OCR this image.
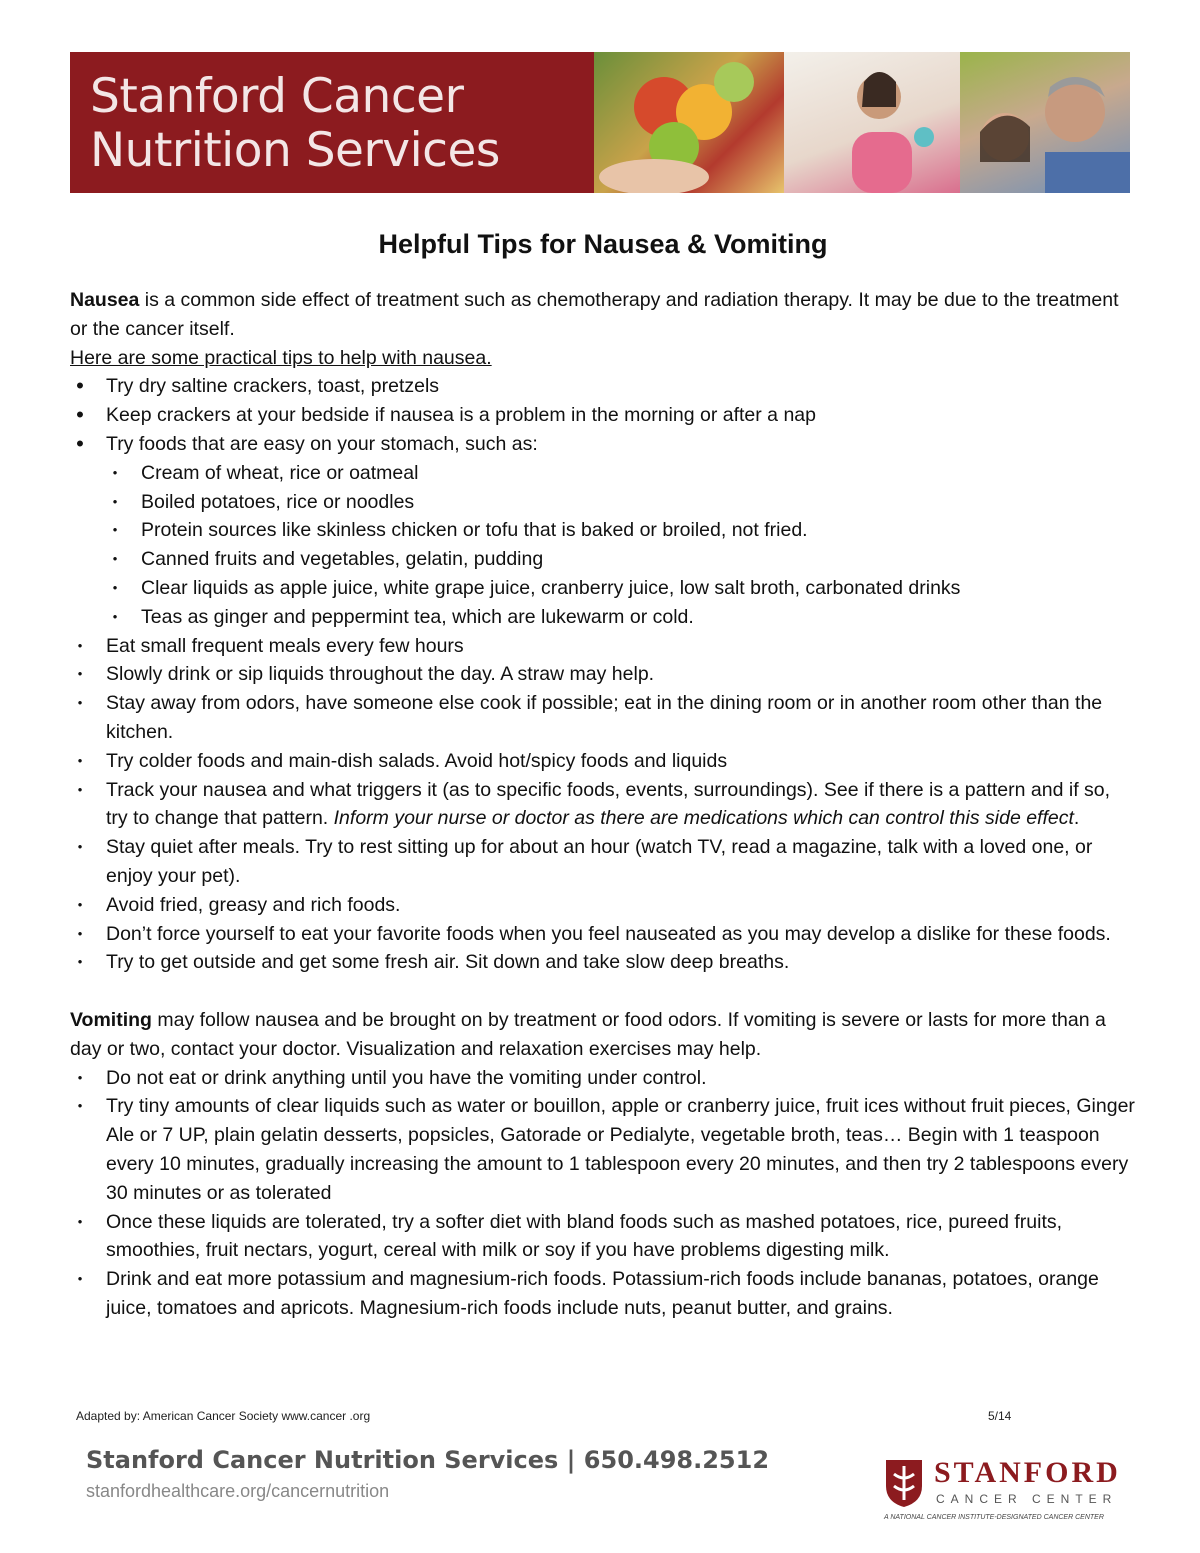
Stanford Cancer
Nutrition Services
Helpful Tips for Nausea & Vomiting

Nausea is a common side effect of treatment such as chemotherapy and radiation therapy. It may be due to the treatment or the cancer itself.

Here are some practical tips to help with nausea.

• Try dry saltine crackers, toast, pretzels
• Keep crackers at your bedside if nausea is a problem in the morning or after a nap
• Try foods that are easy on your stomach, such as:
• Cream of wheat, rice or oatmeal
• Boiled potatoes, rice or noodles
• Protein sources like skinless chicken or tofu that is baked or broiled, not fried.
• Canned fruits and vegetables, gelatin, pudding
• Clear liquids as apple juice, white grape juice, cranberry juice, low salt broth, carbonated drinks
• Teas as ginger and peppermint tea, which are lukewarm or cold.
• Eat small frequent meals every few hours
• Slowly drink or sip liquids throughout the day. A straw may help.
• Stay away from odors, have someone else cook if possible; eat in the dining room or in another room other than the kitchen.
• Try colder foods and main-dish salads. Avoid hot/spicy foods and liquids
• Track your nausea and what triggers it (as to specific foods, events, surroundings). See if there is a pattern and if so, try to change that pattern. Inform your nurse or doctor as there are medications which can control this side effect.
• Stay quiet after meals. Try to rest sitting up for about an hour (watch TV, read a magazine, talk with a loved one, or enjoy your pet).
• Avoid fried, greasy and rich foods.
• Don’t force yourself to eat your favorite foods when you feel nauseated as you may develop a dislike for these foods.
• Try to get outside and get some fresh air. Sit down and take slow deep breaths.

Vomiting may follow nausea and be brought on by treatment or food odors. If vomiting is severe or lasts for more than a day or two, contact your doctor. Visualization and relaxation exercises may help.

• Do not eat or drink anything until you have the vomiting under control.
• Try tiny amounts of clear liquids such as water or bouillon, apple or cranberry juice, fruit ices without fruit pieces, Ginger Ale or 7 UP, plain gelatin desserts, popsicles, Gatorade or Pedialyte, vegetable broth, teas… Begin with 1 teaspoon every 10 minutes, gradually increasing the amount to 1 tablespoon every 20 minutes, and then try 2 tablespoons every 30 minutes or as tolerated
• Once these liquids are tolerated, try a softer diet with bland foods such as mashed potatoes, rice, pureed fruits, smoothies, fruit nectars, yogurt, cereal with milk or soy if you have problems digesting milk.
• Drink and eat more potassium and magnesium-rich foods. Potassium-rich foods include bananas, potatoes, orange juice, tomatoes and apricots. Magnesium-rich foods include nuts, peanut butter, and grains.
Adapted by: American Cancer Society www.cancer .org	5/14
Stanford Cancer Nutrition Services | 650.498.2512
stanfordhealthcare.org/cancernutrition
STANFORD
CANCER CENTER
A NATIONAL CANCER INSTITUTE-DESIGNATED CANCER CENTER
